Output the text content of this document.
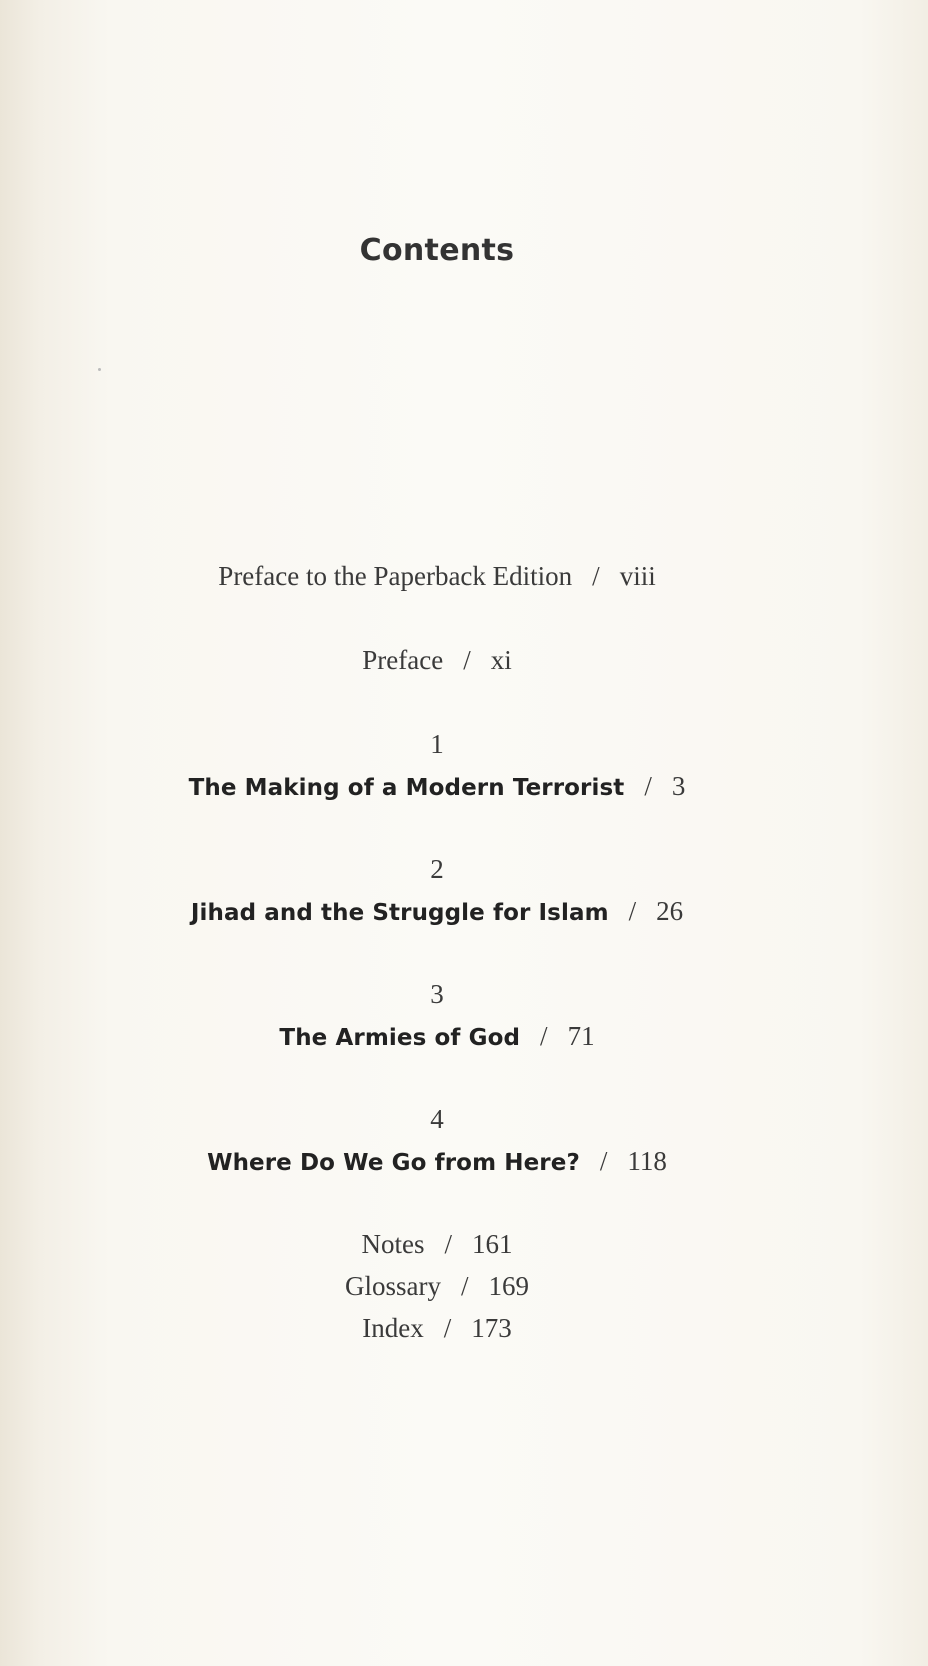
Contents
Preface to the Paperback Edition / viii
Preface / xi
1
The Making of a Modern Terrorist / 3
2
Jihad and the Struggle for Islam / 26
3
The Armies of God / 71
4
Where Do We Go from Here? / 118
Notes / 161
Glossary / 169
Index / 173
